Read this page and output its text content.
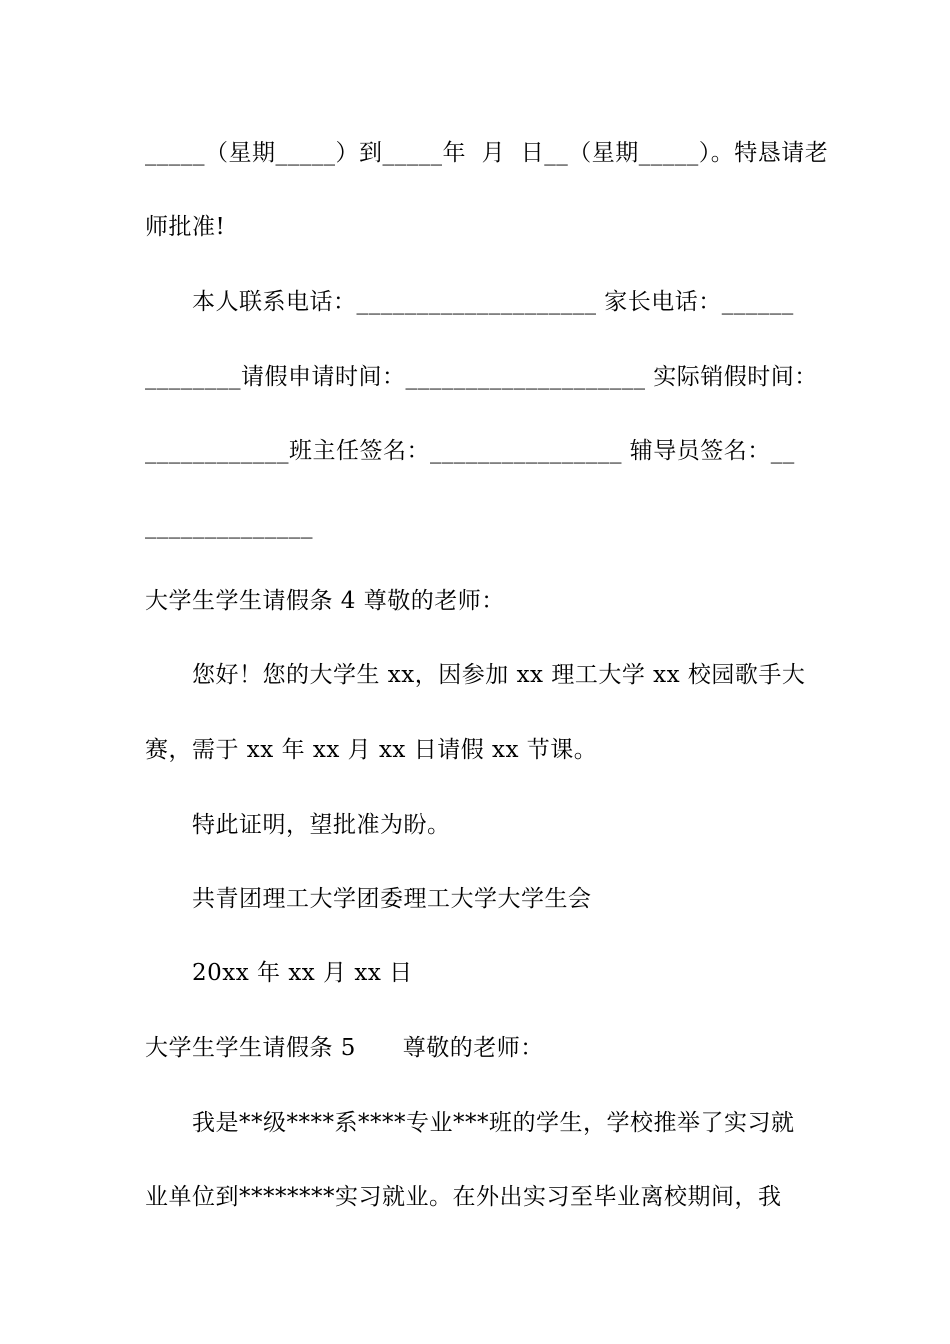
_____（星期_____）到_____年  月  日__（星期_____）。特恳请老
师批准!
本人联系电话：____________________ 家长电话：______
________请假申请时间：____________________ 实际销假时间：
____________班主任签名：________________ 辅导员签名：__
______________
大学生学生请假条 4 尊敬的老师：
您好！您的大学生 xx，因参加 xx 理工大学 xx 校园歌手大
赛，需于 xx 年 xx 月 xx 日请假 xx 节课。
特此证明，望批准为盼。
共青团理工大学团委理工大学大学生会
20xx 年 xx 月 xx 日
大学生学生请假条 5      尊敬的老师：
我是**级****系****专业***班的学生，学校推举了实习就
业单位到********实习就业。在外出实习至毕业离校期间，我
